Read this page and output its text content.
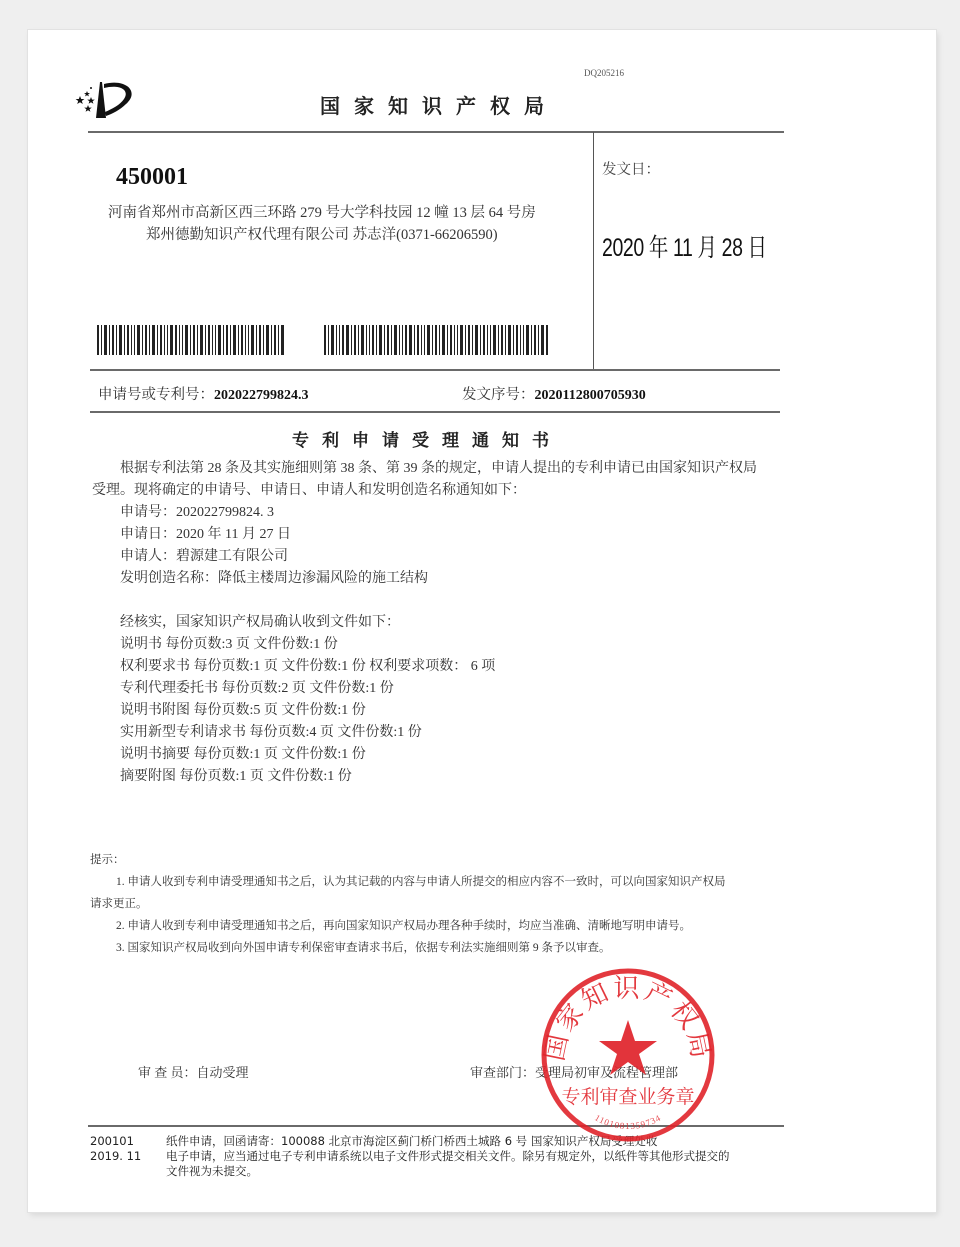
DQ205216
国家知识产权局
450001
河南省郑州市高新区西三环路 279 号大学科技园 12 幢 13 层 64 号房
郑州德勤知识产权代理有限公司 苏志洋(0371-66206590)
发文日：
2020 年 11 月 28 日
申请号或专利号：202022799824.3	发文序号：2020112800705930
专利申请受理通知书
根据专利法第 28 条及其实施细则第 38 条、第 39 条的规定，申请人提出的专利申请已由国家知识产权局
受理。现将确定的申请号、申请日、申请人和发明创造名称通知如下：
申请号：202022799824. 3
申请日：2020 年 11 月 27 日
申请人：碧源建工有限公司
发明创造名称：降低主楼周边渗漏风险的施工结构
经核实，国家知识产权局确认收到文件如下：
说明书 每份页数:3 页 文件份数:1 份
权利要求书 每份页数:1 页 文件份数:1 份 权利要求项数： 6 项
专利代理委托书 每份页数:2 页 文件份数:1 份
说明书附图 每份页数:5 页 文件份数:1 份
实用新型专利请求书 每份页数:4 页 文件份数:1 份
说明书摘要 每份页数:1 页 文件份数:1 份
摘要附图 每份页数:1 页 文件份数:1 份
提示：
1. 申请人收到专利申请受理通知书之后，认为其记载的内容与申请人所提交的相应内容不一致时，可以向国家知识产权局
请求更正。
2. 申请人收到专利申请受理通知书之后，再向国家知识产权局办理各种手续时，均应当准确、清晰地写明申请号。
3. 国家知识产权局收到向外国申请专利保密审查请求书后，依据专利法实施细则第 9 条予以审查。
审 查 员：自动受理	审查部门：受理局初审及流程管理部
200101
2019. 11
纸件申请，回函请寄：100088 北京市海淀区蓟门桥门桥西土城路 6 号 国家知识产权局受理处收
电子申请，应当通过电子专利申请系统以电子文件形式提交相关文件。除另有规定外，以纸件等其他形式提交的
文件视为未提交。
国家知识产权局
专利审查业务章
1101081359734
